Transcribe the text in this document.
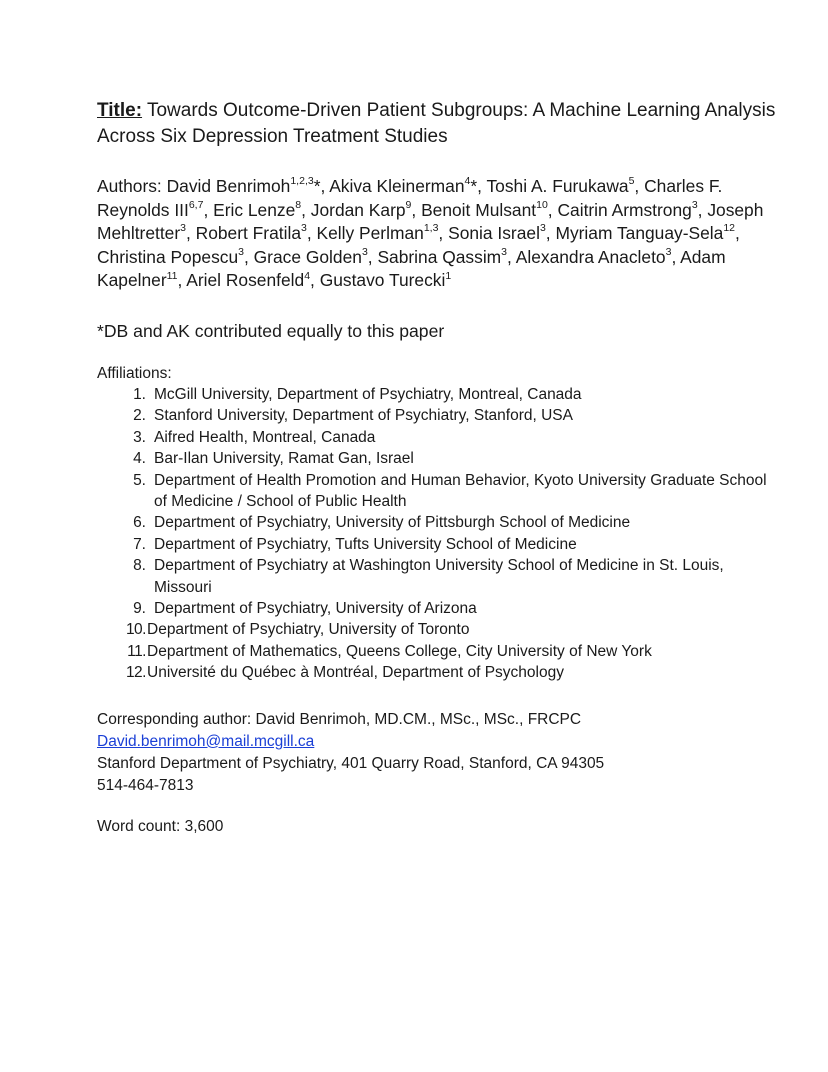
Title: Towards Outcome-Driven Patient Subgroups: A Machine Learning Analysis Across Six Depression Treatment Studies

Authors: David Benrimoh$^{1,2,3}$*, Akiva Kleinerman$^4$*, Toshi A. Furukawa$^5$, Charles F. Reynolds III$^{6,7}$, Eric Lenze$^8$, Jordan Karp$^9$, Benoit Mulsant$^{10}$, Caitrin Armstrong$^3$, Joseph Mehltretter$^3$, Robert Fratila$^3$, Kelly Perlman$^{1,3}$, Sonia Israel$^3$, Myriam Tanguay-Sela$^{12}$, Christina Popescu$^3$, Grace Golden$^3$, Sabrina Qassim$^3$, Alexandra Anacleto$^3$, Adam Kapelner$^{11}$, Ariel Rosenfeld$^4$, Gustavo Turecki$^1$
*DB and AK contributed equally to this paper
Affiliations:
1. McGill University, Department of Psychiatry, Montreal, Canada
2. Stanford University, Department of Psychiatry, Stanford, USA
3. Aifred Health, Montreal, Canada
4. Bar-Ilan University, Ramat Gan, Israel
5. Department of Health Promotion and Human Behavior, Kyoto University Graduate School of Medicine / School of Public Health
6. Department of Psychiatry, University of Pittsburgh School of Medicine
7. Department of Psychiatry, Tufts University School of Medicine
8. Department of Psychiatry at Washington University School of Medicine in St. Louis, Missouri
9. Department of Psychiatry, University of Arizona
10. Department of Psychiatry, University of Toronto
11. Department of Mathematics, Queens College, City University of New York
12. Université du Québec à Montréal, Department of Psychology
Corresponding author: David Benrimoh, MD.CM., MSc., MSc., FRCPC
David.benrimoh@mail.mcgill.ca
Stanford Department of Psychiatry, 401 Quarry Road, Stanford, CA 94305
514-464-7813
Word count: 3,600
